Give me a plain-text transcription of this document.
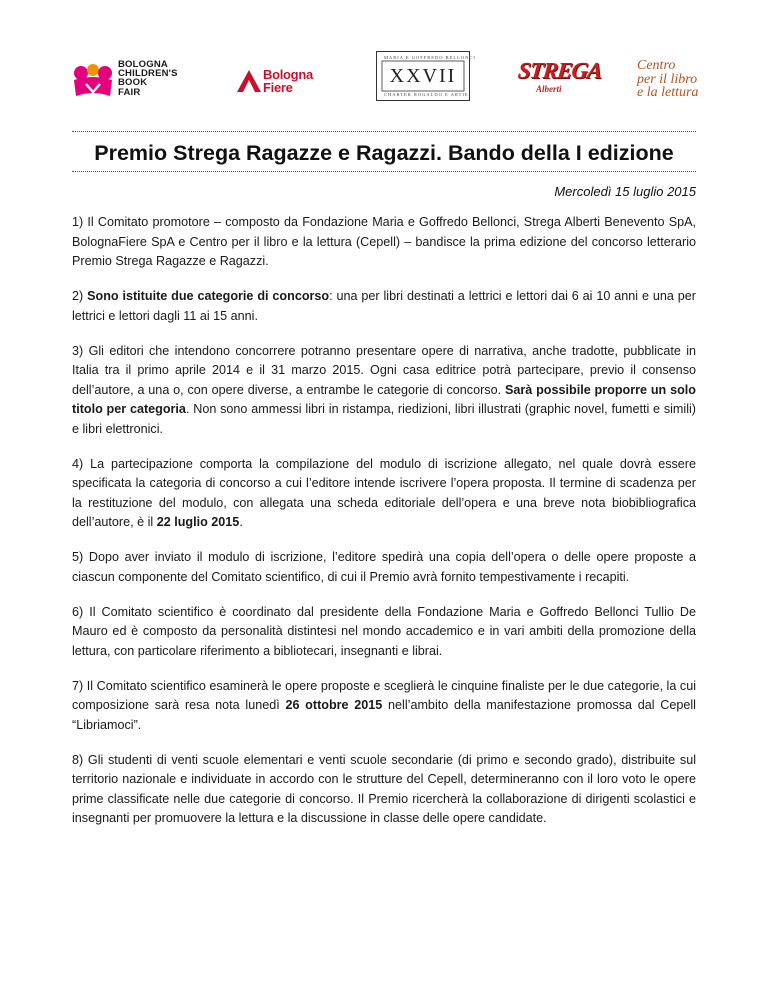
BOLOGNA
CHILDREN'S
BOOK
FAIR
Bologna
Fiere
MARIA E GOFFREDO BELLONCI
XXVII
CHARTER ROGALDO E ARTIE
STREGA
Alberti
Centro
per il libro
e la lettura
Premio Strega Ragazze e Ragazzi. Bando della I edizione
Mercoledì 15 luglio 2015

1) Il Comitato promotore – composto da Fondazione Maria e Goffredo Bellonci, Strega Alberti Benevento SpA, BolognaFiere SpA e Centro per il libro e la lettura (Cepell) – bandisce la prima edizione del concorso letterario Premio Strega Ragazze e Ragazzi.

2) Sono istituite due categorie di concorso: una per libri destinati a lettrici e lettori dai 6 ai 10 anni e una per lettrici e lettori dagli 11 ai 15 anni.

3) Gli editori che intendono concorrere potranno presentare opere di narrativa, anche tradotte, pubblicate in Italia tra il primo aprile 2014 e il 31 marzo 2015. Ogni casa editrice potrà partecipare, previo il consenso dell’autore, a una o, con opere diverse, a entrambe le categorie di concorso. Sarà possibile proporre un solo titolo per categoria. Non sono ammessi libri in ristampa, riedizioni, libri illustrati (graphic novel, fumetti e simili) e libri elettronici.

4) La partecipazione comporta la compilazione del modulo di iscrizione allegato, nel quale dovrà essere specificata la categoria di concorso a cui l’editore intende iscrivere l’opera proposta. Il termine di scadenza per la restituzione del modulo, con allegata una scheda editoriale dell’opera e una breve nota biobibliografica dell’autore, è il 22 luglio 2015.

5) Dopo aver inviato il modulo di iscrizione, l’editore spedirà una copia dell’opera o delle opere proposte a ciascun componente del Comitato scientifico, di cui il Premio avrà fornito tempestivamente i recapiti.

6) Il Comitato scientifico è coordinato dal presidente della Fondazione Maria e Goffredo Bellonci Tullio De Mauro ed è composto da personalità distintesi nel mondo accademico e in vari ambiti della promozione della lettura, con particolare riferimento a bibliotecari, insegnanti e librai.

7) Il Comitato scientifico esaminerà le opere proposte e sceglierà le cinquine finaliste per le due categorie, la cui composizione sarà resa nota lunedì 26 ottobre 2015 nell’ambito della manifestazione promossa dal Cepell “Libriamoci”.

8) Gli studenti di venti scuole elementari e venti scuole secondarie (di primo e secondo grado), distribuite sul territorio nazionale e individuate in accordo con le strutture del Cepell, determineranno con il loro voto le opere prime classificate nelle due categorie di concorso. Il Premio ricercherà la collaborazione di dirigenti scolastici e insegnanti per promuovere la lettura e la discussione in classe delle opere candidate.
